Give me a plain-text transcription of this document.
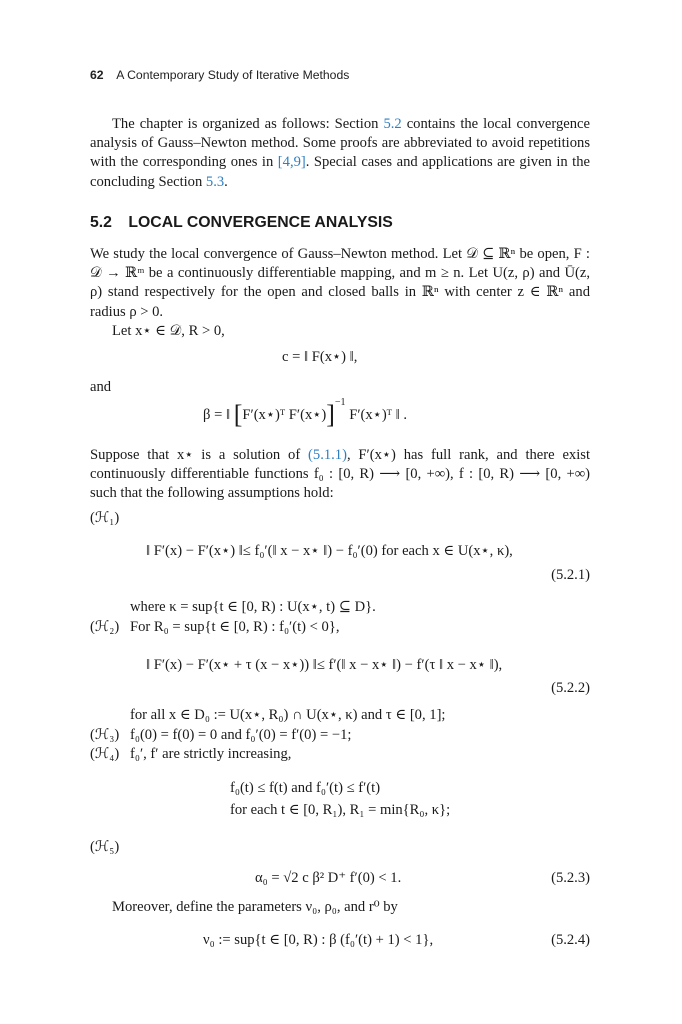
62 A Contemporary Study of Iterative Methods
The chapter is organized as follows: Section 5.2 contains the local convergence analysis of Gauss–Newton method. Some proofs are abbreviated to avoid repetitions with the corresponding ones in [4,9]. Special cases and applications are given in the concluding Section 5.3.
5.2 LOCAL CONVERGENCE ANALYSIS
We study the local convergence of Gauss–Newton method. Let 𝒟 ⊆ ℝⁿ be open, F : 𝒟 → ℝᵐ be a continuously differentiable mapping, and m ≥ n. Let U(z, ρ) and Ū(z, ρ) stand respectively for the open and closed balls in ℝⁿ with center z ∈ ℝⁿ and radius ρ > 0.
Let x⋆ ∈ 𝒟, R > 0,
c = ‖ F(x⋆) ‖,
and
β = ‖ [F′(x⋆)ᵀ F′(x⋆)]$^{-1}$ F′(x⋆)ᵀ ‖ .
Suppose that x⋆ is a solution of (5.1.1), F′(x⋆) has full rank, and there exist continuously differentiable functions f₀ : [0, R) ⟶ [0, +∞), f : [0, R) ⟶ [0, +∞) such that the following assumptions hold:
(ℋ₁)
‖ F′(x) − F′(x⋆) ‖≤ f₀′(‖ x − x⋆ ‖) − f₀′(0) for each x ∈ U(x⋆, κ),
(5.2.1)
where κ = sup{t ∈ [0, R) : U(x⋆, t) ⊆ D}.
(ℋ₂) For R₀ = sup{t ∈ [0, R) : f₀′(t) < 0},
‖ F′(x) − F′(x⋆ + τ (x − x⋆)) ‖≤ f′(‖ x − x⋆ ‖) − f′(τ ‖ x − x⋆ ‖),
(5.2.2)
for all x ∈ D₀ := U(x⋆, R₀) ∩ U(x⋆, κ) and τ ∈ [0, 1];
(ℋ₃) f₀(0) = f(0) = 0 and f₀′(0) = f′(0) = −1;
(ℋ₄) f₀′, f′ are strictly increasing,
f₀(t) ≤ f(t) and f₀′(t) ≤ f′(t)
for each t ∈ [0, R₁), R₁ = min{R₀, κ};
(ℋ₅)
α₀ = √2 c β² D⁺ f′(0) < 1.	(5.2.3)
Moreover, define the parameters ν₀, ρ₀, and r⁰ by
ν₀ := sup{t ∈ [0, R) : β (f₀′(t) + 1) < 1},	(5.2.4)
